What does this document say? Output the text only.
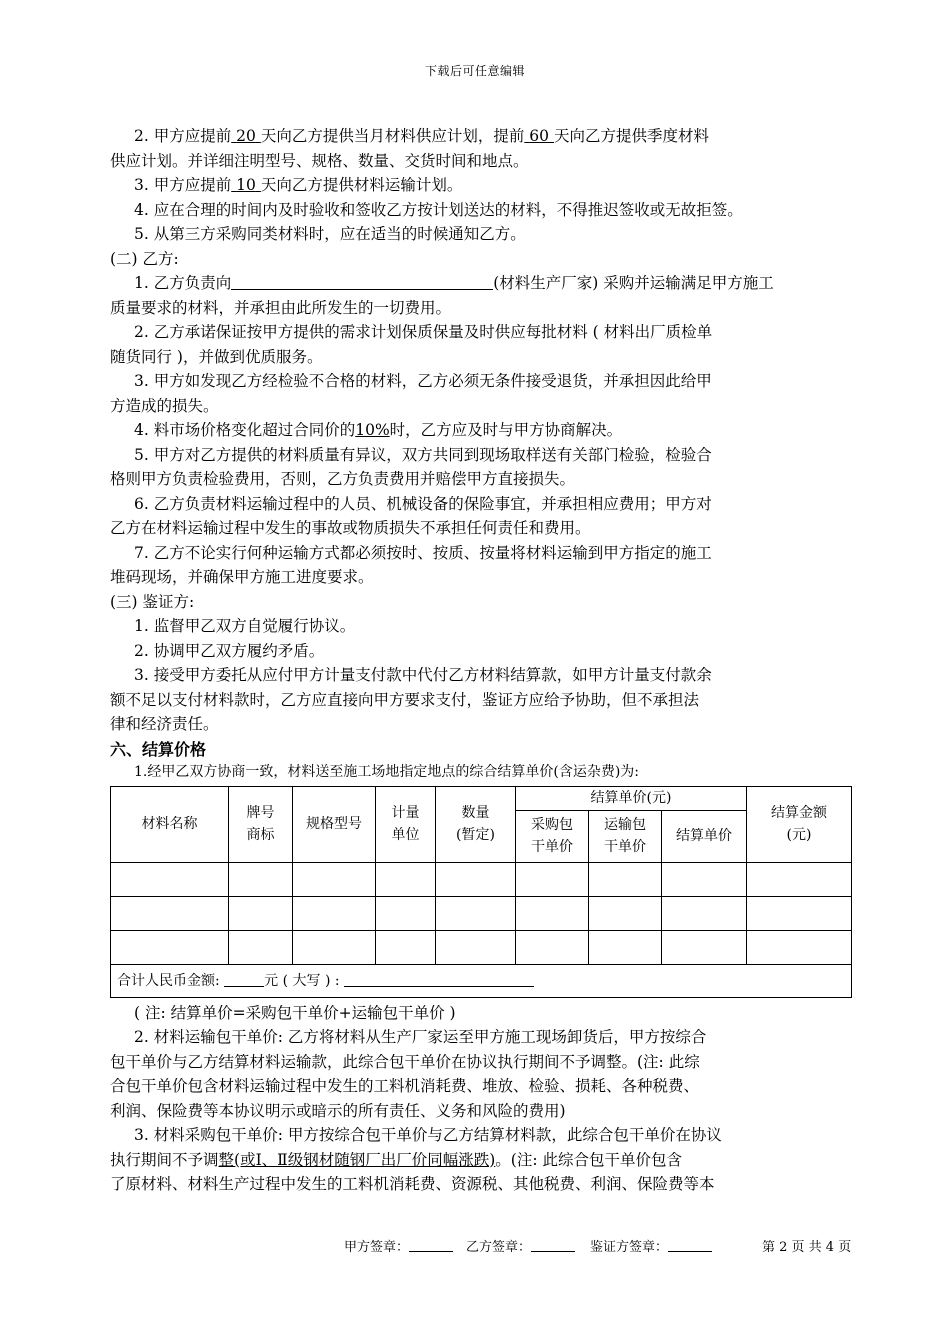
下载后可任意编辑
2. 甲方应提前 20 天向乙方提供当月材料供应计划，提前 60 天向乙方提供季度材料
供应计划。并详细注明型号、规格、数量、交货时间和地点。
3. 甲方应提前 10 天向乙方提供材料运输计划。
4. 应在合理的时间内及时验收和签收乙方按计划送达的材料，不得推迟签收或无故拒签。
5. 从第三方采购同类材料时，应在适当的时候通知乙方。
(二) 乙方:
1. 乙方负责向	(材料生产厂家) 采购并运输满足甲方施工
质量要求的材料，并承担由此所发生的一切费用。
2. 乙方承诺保证按甲方提供的需求计划保质保量及时供应每批材料 ( 材料出厂质检单
随货同行 )，并做到优质服务。
3. 甲方如发现乙方经检验不合格的材料，乙方必须无条件接受退货，并承担因此给甲
方造成的损失。
4. 料市场价格变化超过合同价的10%时，乙方应及时与甲方协商解决。
5. 甲方对乙方提供的材料质量有异议，双方共同到现场取样送有关部门检验，检验合
格则甲方负责检验费用，否则，乙方负责费用并赔偿甲方直接损失。
6. 乙方负责材料运输过程中的人员、机械设备的保险事宜，并承担相应费用；甲方对
乙方在材料运输过程中发生的事故或物质损失不承担任何责任和费用。
7. 乙方不论实行何种运输方式都必须按时、按质、按量将材料运输到甲方指定的施工
堆码现场，并确保甲方施工进度要求。
(三) 鉴证方:
1. 监督甲乙双方自觉履行协议。
2. 协调甲乙双方履约矛盾。
3. 接受甲方委托从应付甲方计量支付款中代付乙方材料结算款，如甲方计量支付款余
额不足以支付材料款时，乙方应直接向甲方要求支付，鉴证方应给予协助，但不承担法
律和经济责任。
六、结算价格
1.经甲乙双方协商一致，材料送至施工场地指定地点的综合结算单价(含运杂费)为:
材料名称	牌号商标	规格型号	计量单位	数量(暂定)	结算单价(元)			结算金额(元)

					采购包干单价	运输包干单价	结算单价	

合计人民币金额: 元 ( 大写 ) :								
( 注: 结算单价=采购包干单价+运输包干单价 )
2. 材料运输包干单价: 乙方将材料从生产厂家运至甲方施工现场卸货后，甲方按综合
包干单价与乙方结算材料运输款，此综合包干单价在协议执行期间不予调整。(注: 此综
合包干单价包含材料运输过程中发生的工料机消耗费、堆放、检验、损耗、各种税费、
利润、保险费等本协议明示或暗示的所有责任、义务和风险的费用)
3. 材料采购包干单价: 甲方按综合包干单价与乙方结算材料款，此综合包干单价在协议
执行期间不予调整(或Ⅰ、Ⅱ级钢材随钢厂出厂价同幅涨跌)。(注: 此综合包干单价包含
了原材料、材料生产过程中发生的工料机消耗费、资源税、其他税费、利润、保险费等本
甲方签章：	乙方签章：	鉴证方签章：	第 2 页 共 4 页
